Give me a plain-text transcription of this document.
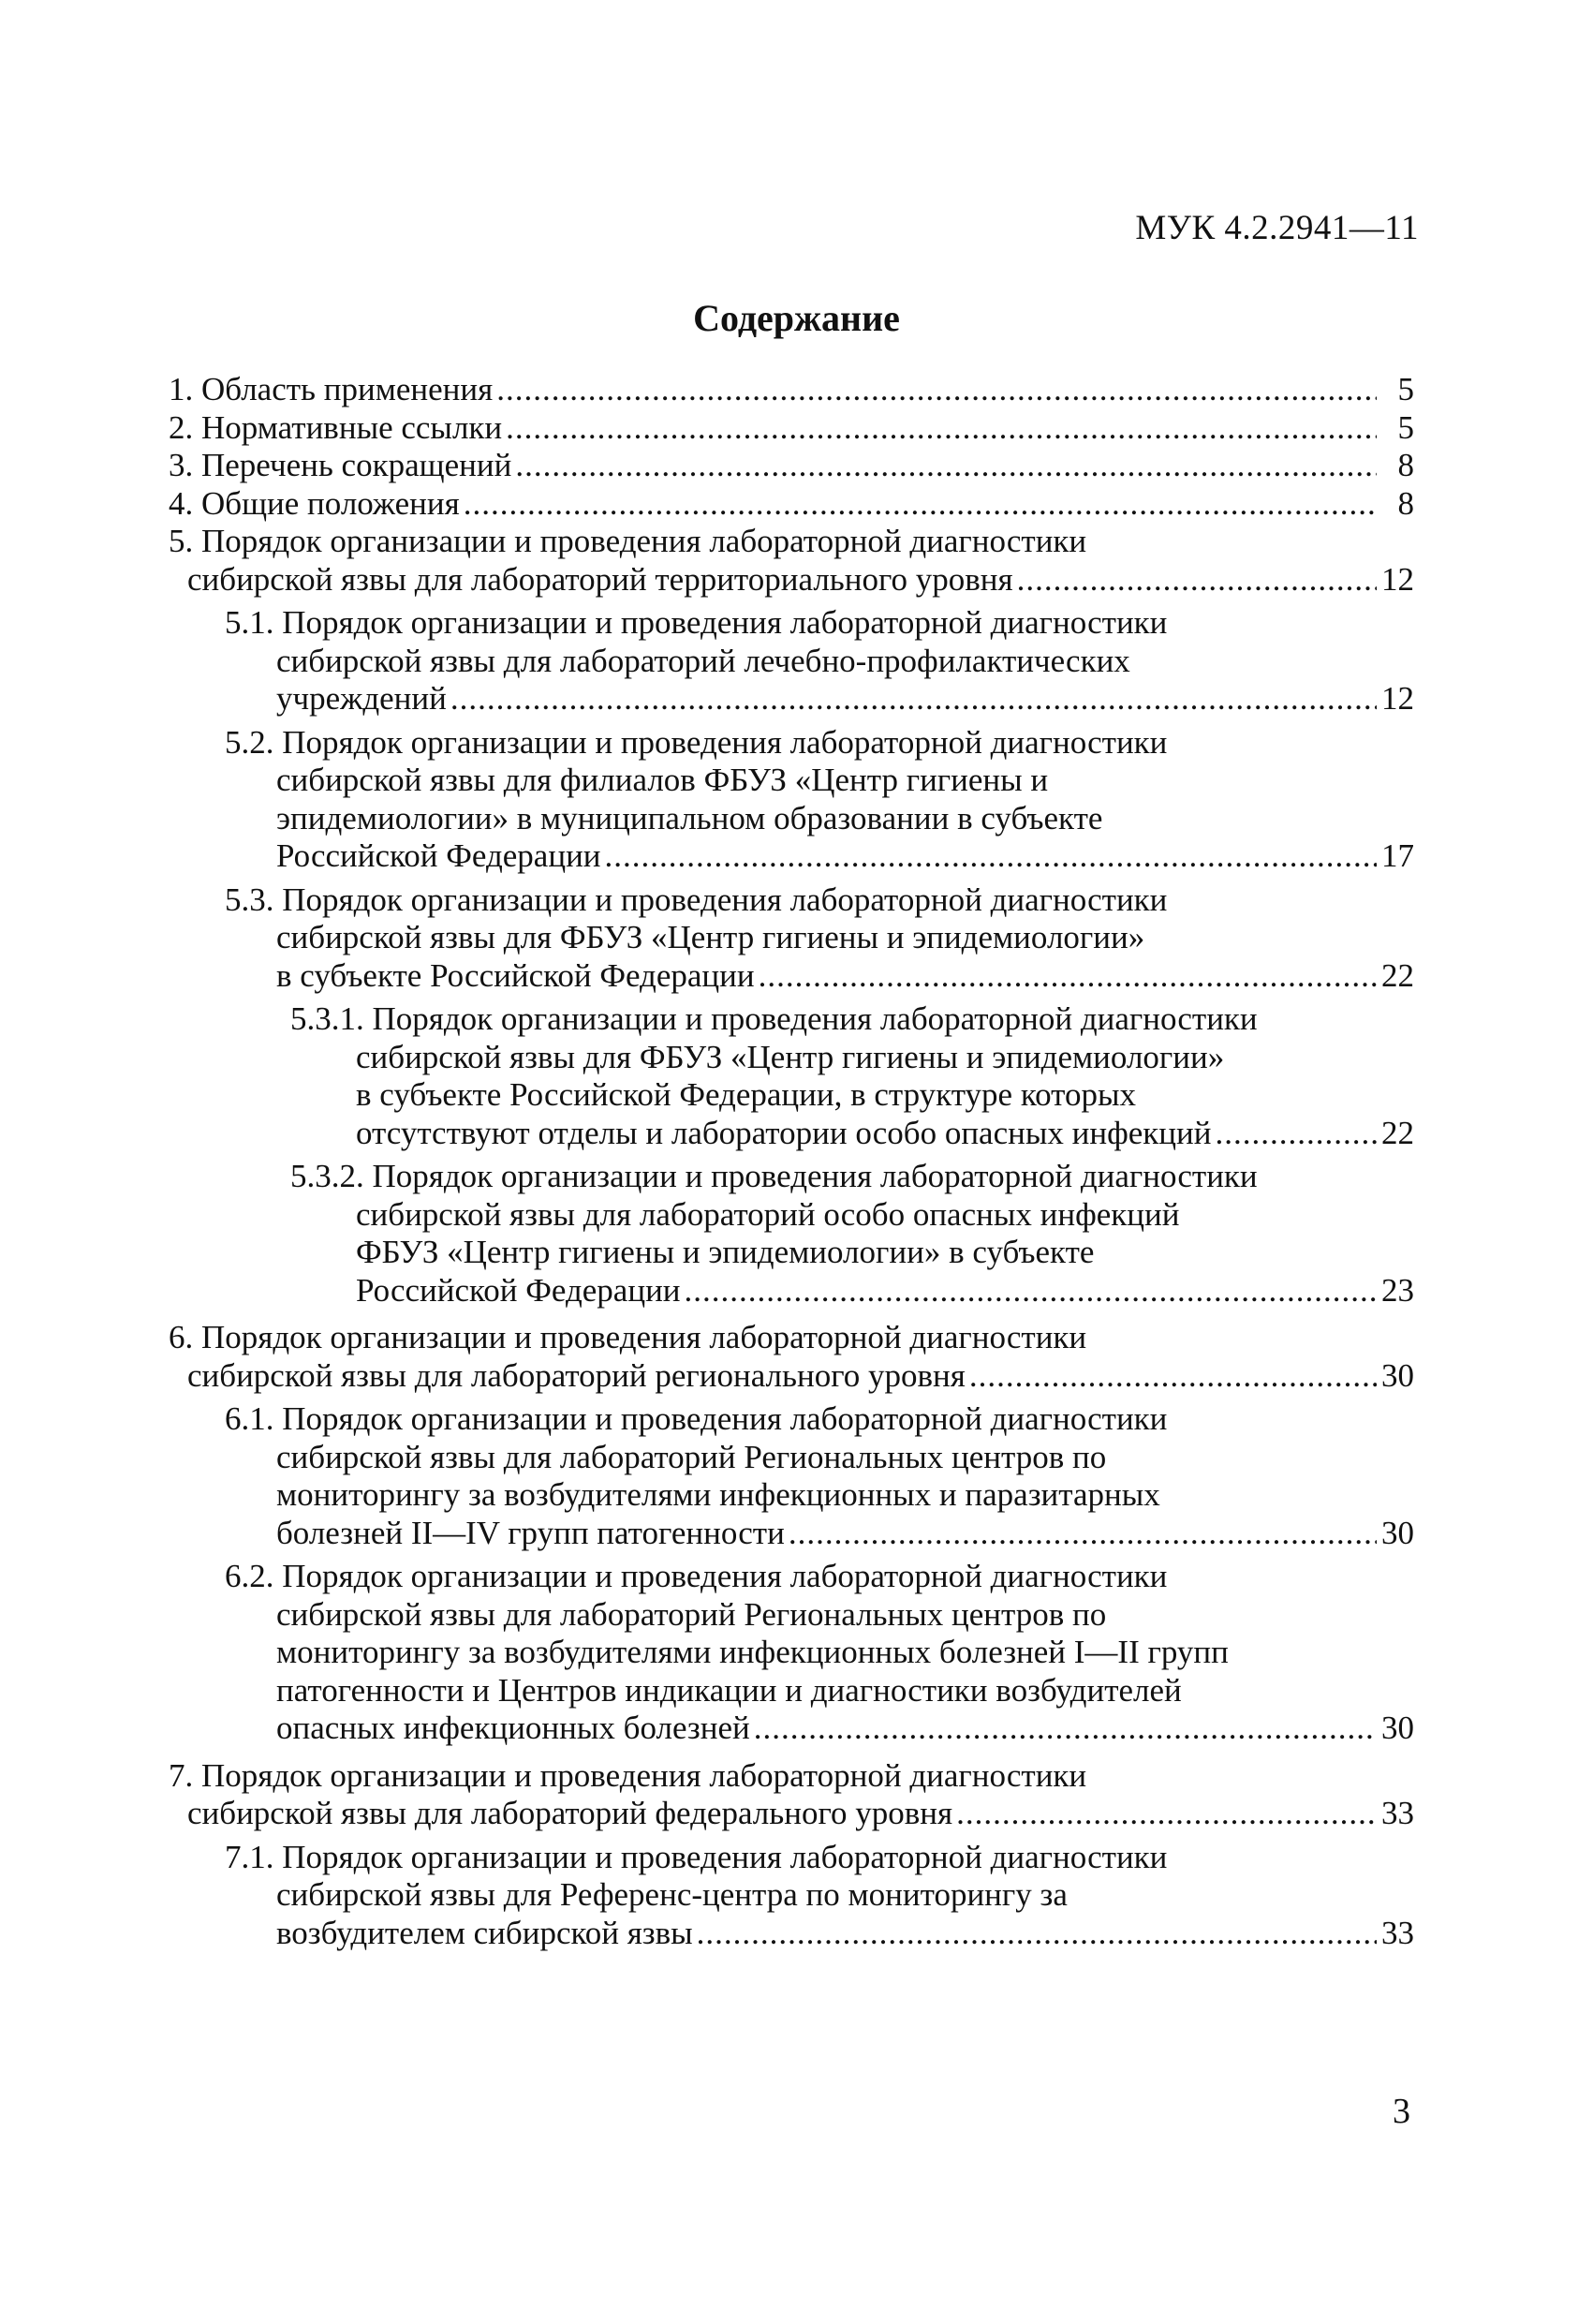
МУК 4.2.2941—11
Содержание
1. Область применения .....	5
2. Нормативные ссылки .....	5
3. Перечень сокращений .....	8
4. Общие положения .....	8
5. Порядок организации и проведения лабораторной диагностики
сибирской язвы для лабораторий территориального уровня .....	12
5.1. Порядок организации и проведения лабораторной диагностики
сибирской язвы для лабораторий лечебно-профилактических
учреждений .....	12
5.2. Порядок организации и проведения лабораторной диагностики
сибирской язвы для филиалов ФБУЗ «Центр гигиены и
эпидемиологии» в муниципальном образовании в субъекте
Российской Федерации .....	17
5.3. Порядок организации и проведения лабораторной диагностики
сибирской язвы для ФБУЗ «Центр гигиены и эпидемиологии»
в субъекте Российской Федерации .....	22
5.3.1. Порядок организации и проведения лабораторной диагностики
сибирской язвы для ФБУЗ «Центр гигиены и эпидемиологии»
в субъекте Российской Федерации, в структуре которых
отсутствуют отделы и лаборатории особо опасных инфекций .....	22
5.3.2. Порядок организации и проведения лабораторной диагностики
сибирской язвы для лабораторий особо опасных инфекций
ФБУЗ «Центр гигиены и эпидемиологии» в субъекте
Российской Федерации .....	23
6. Порядок организации и проведения лабораторной диагностики
сибирской язвы для лабораторий регионального уровня .....	30
6.1. Порядок организации и проведения лабораторной диагностики
сибирской язвы для лабораторий Региональных центров по
мониторингу за возбудителями инфекционных и паразитарных
болезней II—IV групп патогенности .....	30
6.2. Порядок организации и проведения лабораторной диагностики
сибирской язвы для лабораторий Региональных центров по
мониторингу за возбудителями инфекционных болезней I—II групп
патогенности и Центров индикации и диагностики возбудителей
опасных инфекционных болезней .....	30
7. Порядок организации и проведения лабораторной диагностики
сибирской язвы для лабораторий федерального уровня .....	33
7.1. Порядок организации и проведения лабораторной диагностики
сибирской язвы для Референс-центра по мониторингу за
возбудителем сибирской язвы .....	33
3
